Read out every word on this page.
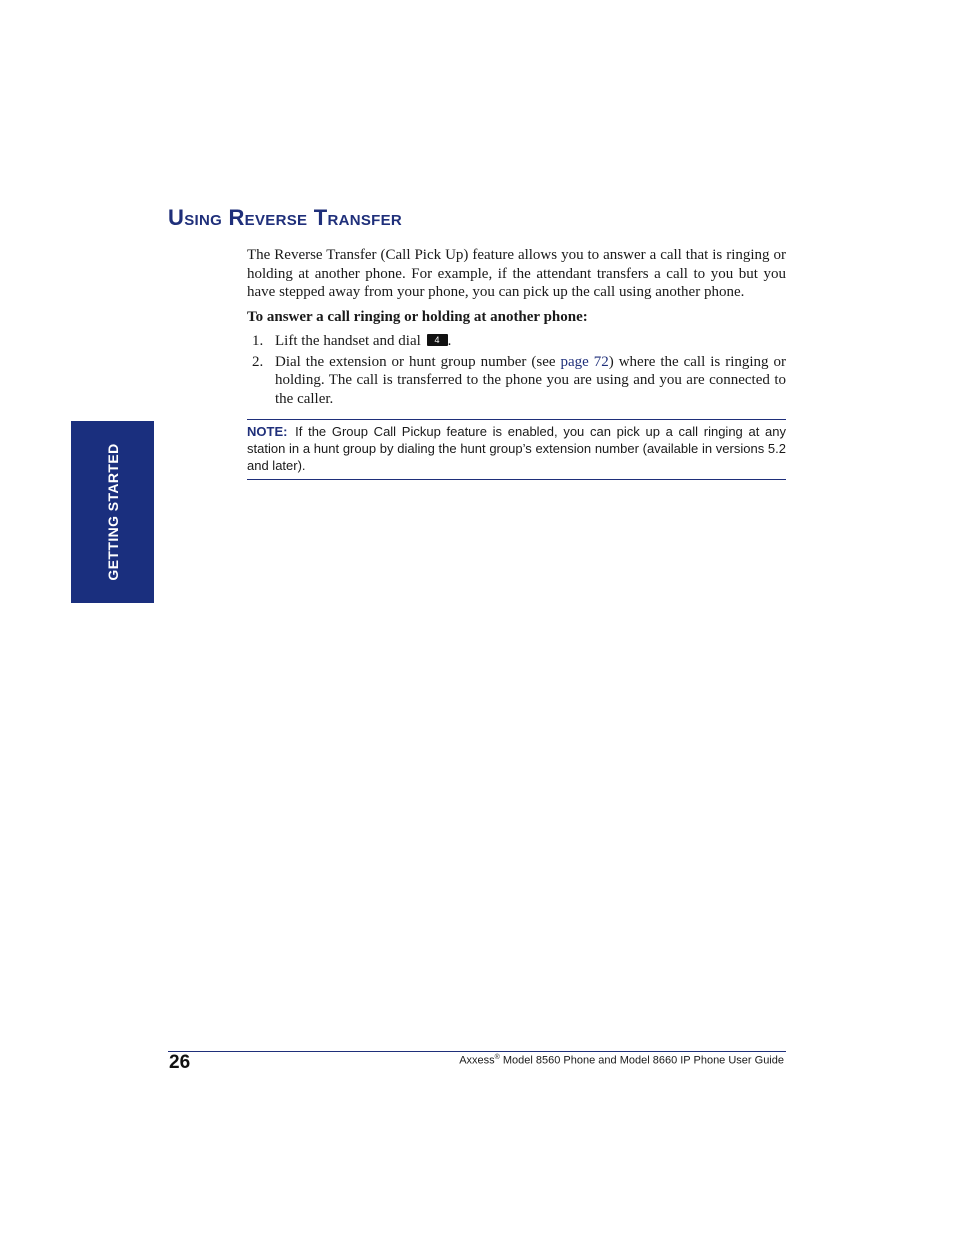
Using Reverse Transfer

The Reverse Transfer (Call Pick Up) feature allows you to answer a call that is ringing or holding at another phone. For example, if the attendant transfers a call to you but you have stepped away from your phone, you can pick up the call using another phone.

To answer a call ringing or holding at another phone:

1. Lift the handset and dial 4 .
2. Dial the extension or hunt group number (see page 72) where the call is ringing or holding. The call is transferred to the phone you are using and you are connected to the caller.
NOTE: If the Group Call Pickup feature is enabled, you can pick up a call ringing at any station in a hunt group by dialing the hunt group’s extension number (available in versions 5.2 and later).
GETTING STARTED
26	Axxess® Model 8560 Phone and Model 8660 IP Phone User Guide
